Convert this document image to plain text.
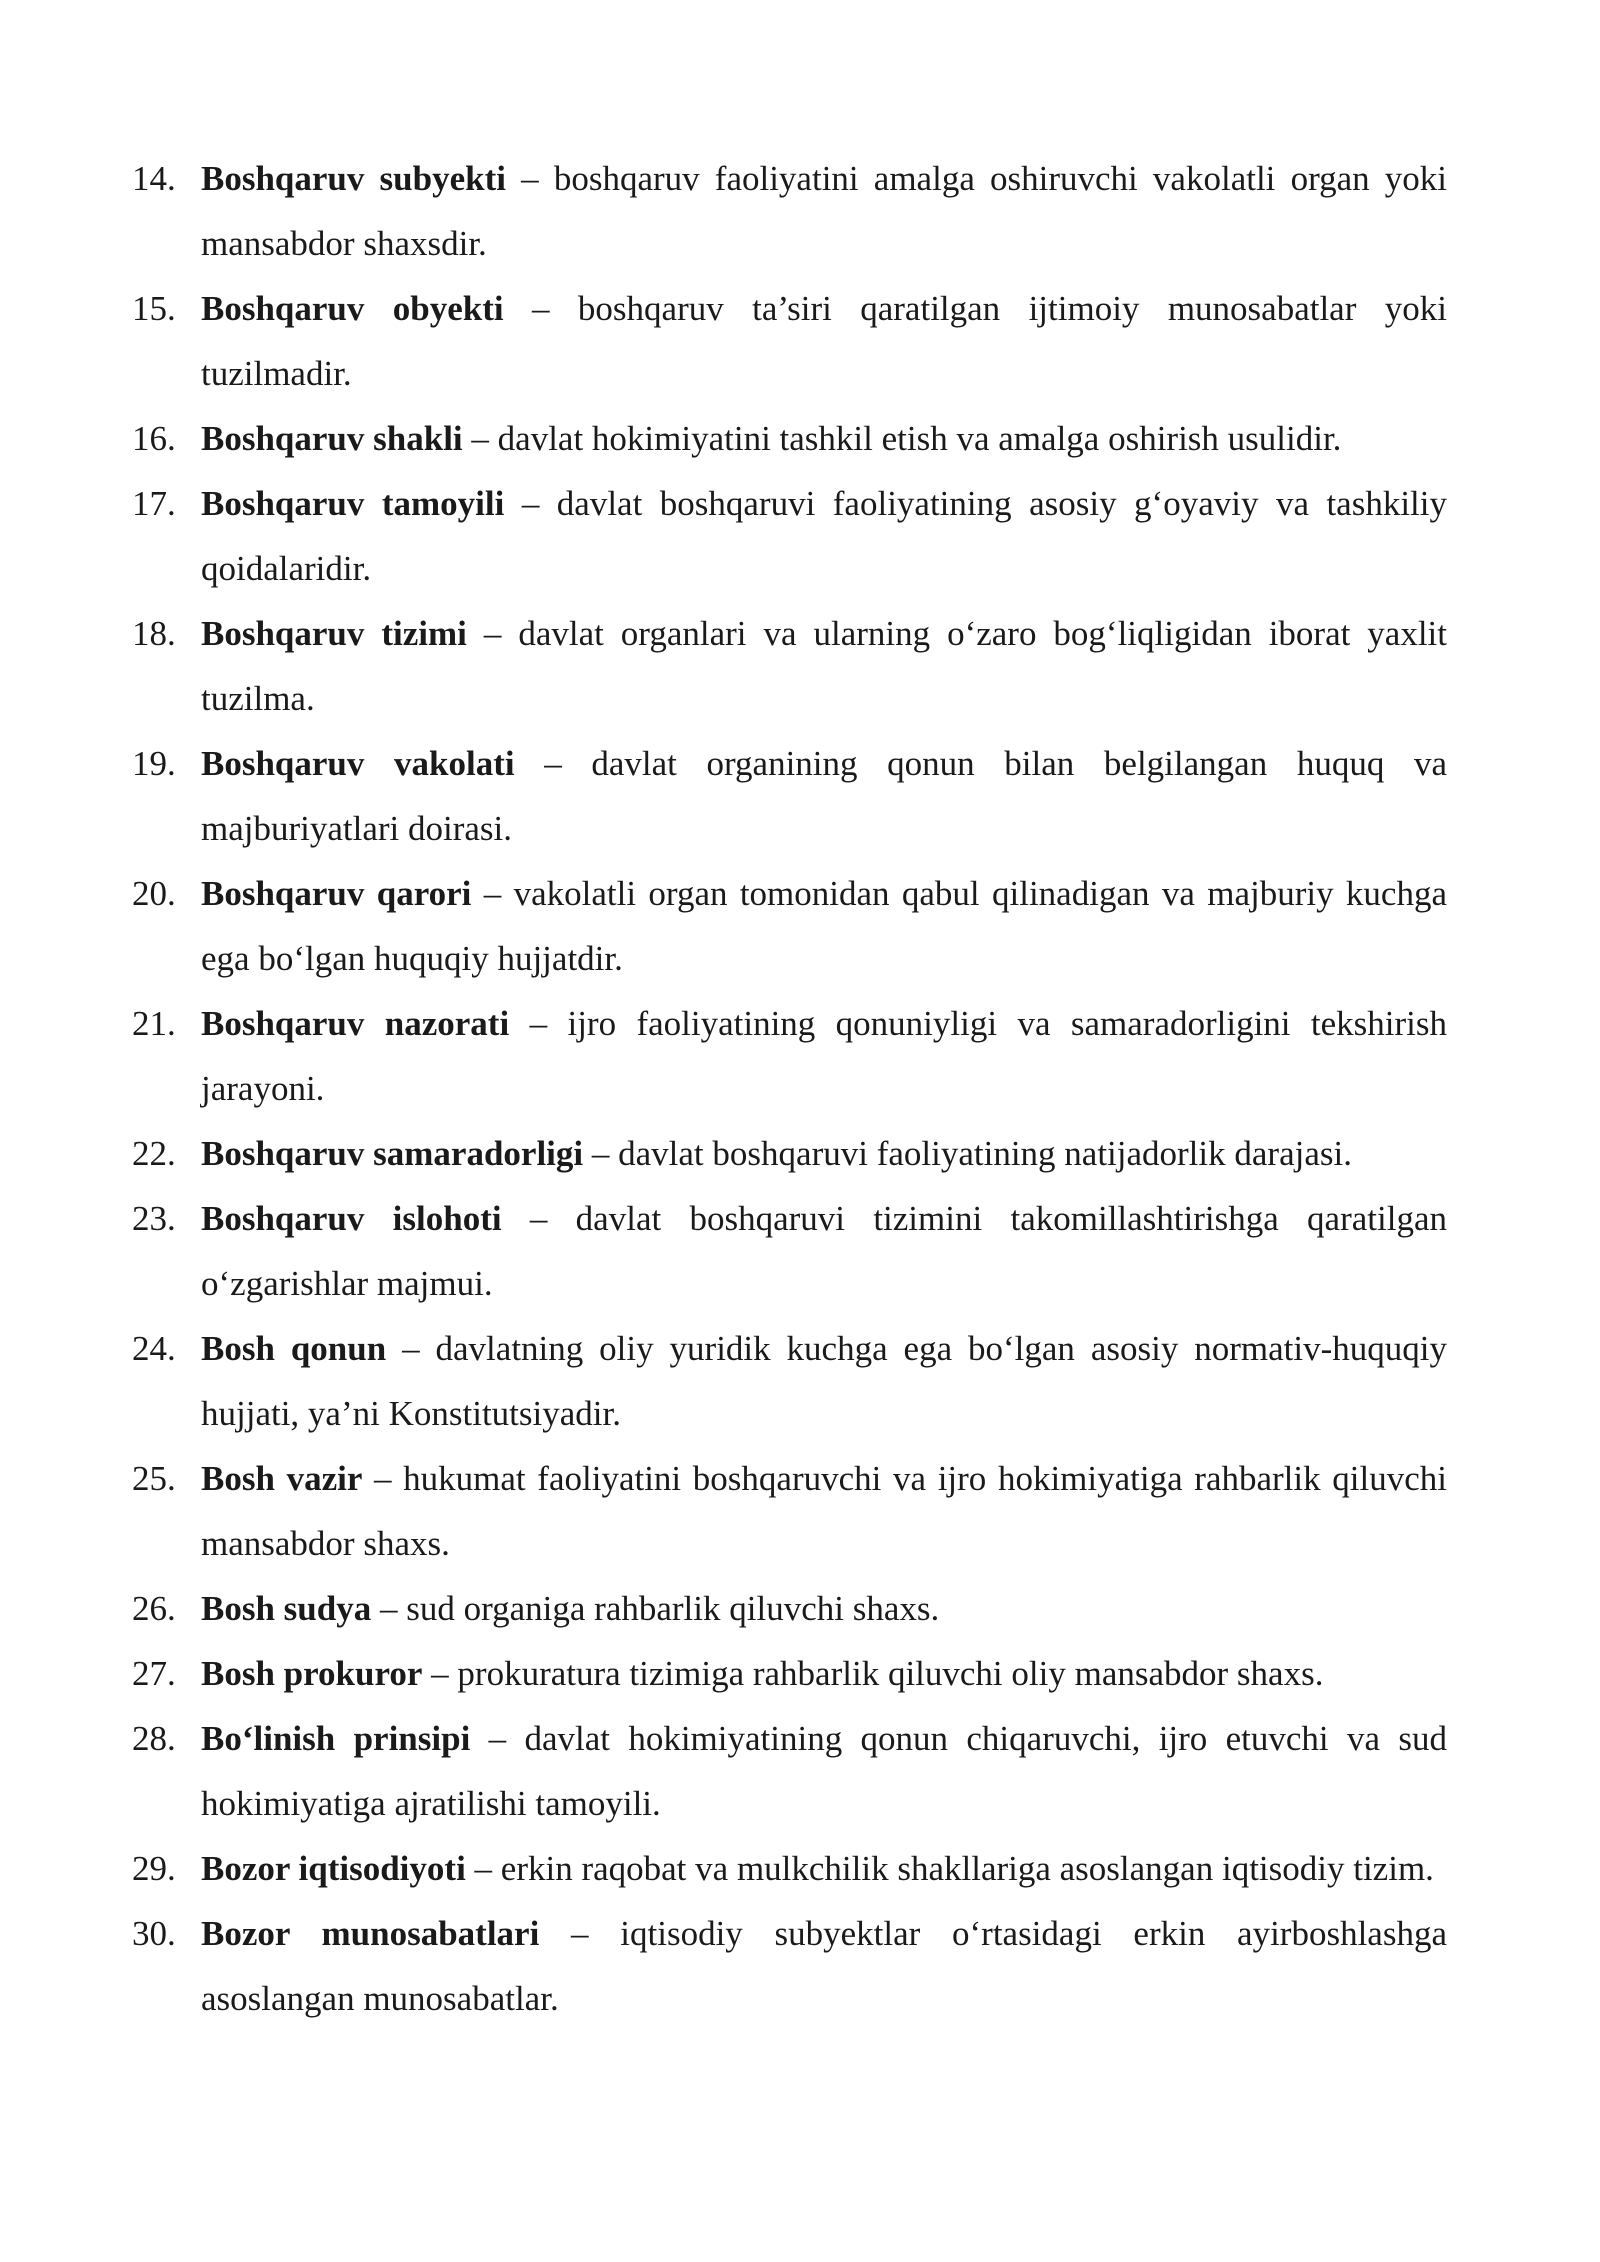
14. Boshqaruv subyekti – boshqaruv faoliyatini amalga oshiruvchi vakolatli organ yoki mansabdor shaxsdir.
15. Boshqaruv obyekti – boshqaruv ta’siri qaratilgan ijtimoiy munosabatlar yoki tuzilmadir.
16. Boshqaruv shakli – davlat hokimiyatini tashkil etish va amalga oshirish usulidir.
17. Boshqaruv tamoyili – davlat boshqaruvi faoliyatining asosiy g‘oyaviy va tashkiliy qoidalaridir.
18. Boshqaruv tizimi – davlat organlari va ularning o‘zaro bog‘liqligidan iborat yaxlit tuzilma.
19. Boshqaruv vakolati – davlat organining qonun bilan belgilangan huquq va majburiyatlari doirasi.
20. Boshqaruv qarori – vakolatli organ tomonidan qabul qilinadigan va majburiy kuchga ega bo‘lgan huquqiy hujjatdir.
21. Boshqaruv nazorati – ijro faoliyatining qonuniyligi va samaradorligini tekshirish jarayoni.
22. Boshqaruv samaradorligi – davlat boshqaruvi faoliyatining natijadorlik darajasi.
23. Boshqaruv islohoti – davlat boshqaruvi tizimini takomillashtirishga qaratilgan o‘zgarishlar majmui.
24. Bosh qonun – davlatning oliy yuridik kuchga ega bo‘lgan asosiy normativ-huquqiy hujjati, ya’ni Konstitutsiyadir.
25. Bosh vazir – hukumat faoliyatini boshqaruvchi va ijro hokimiyatiga rahbarlik qiluvchi mansabdor shaxs.
26. Bosh sudya – sud organiga rahbarlik qiluvchi shaxs.
27. Bosh prokuror – prokuratura tizimiga rahbarlik qiluvchi oliy mansabdor shaxs.
28. Bo‘linish prinsipi – davlat hokimiyatining qonun chiqaruvchi, ijro etuvchi va sud hokimiyatiga ajratilishi tamoyili.
29. Bozor iqtisodiyoti – erkin raqobat va mulkchilik shakllariga asoslangan iqtisodiy tizim.
30. Bozor munosabatlari – iqtisodiy subyektlar o‘rtasidagi erkin ayirboshlashga asoslangan munosabatlar.
